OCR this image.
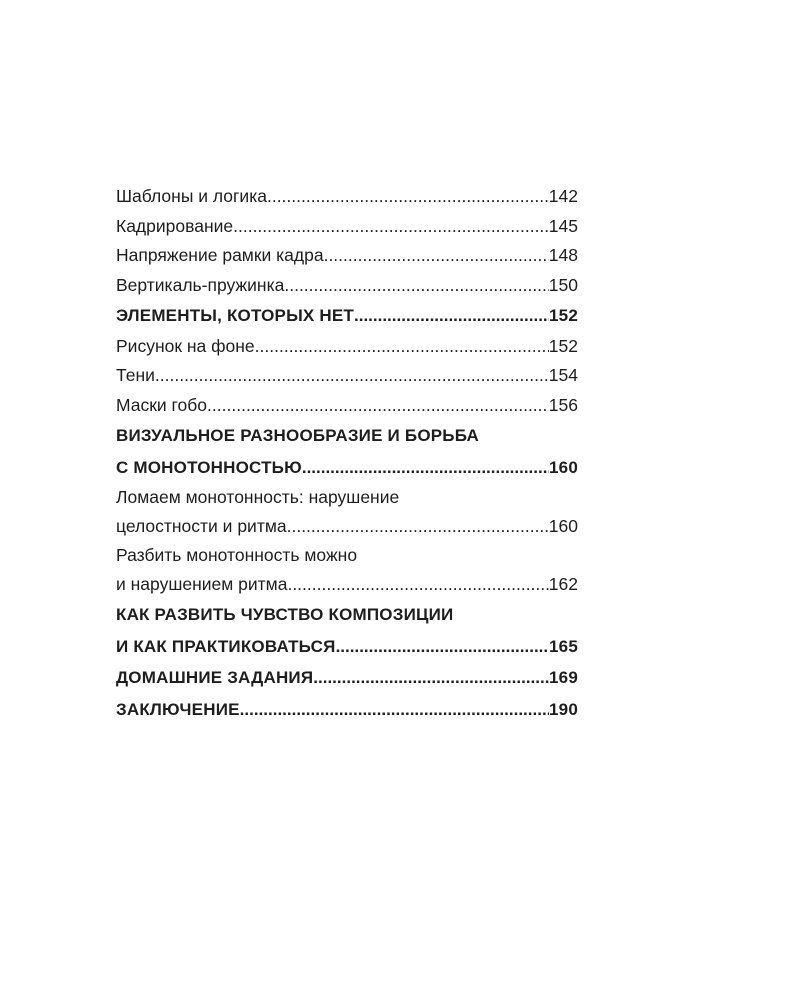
Шаблоны и логика .....	142
Кадрирование .....	145
Напряжение рамки кадра .....	148
Вертикаль-пружинка .....	150
ЭЛЕМЕНТЫ, КОТОРЫХ НЕТ .....	152
Рисунок на фоне .....	152
Тени .....	154
Маски гобо .....	156
ВИЗУАЛЬНОЕ РАЗНООБРАЗИЕ И БОРЬБА
С МОНОТОННОСТЬЮ .....	160
Ломаем монотонность: нарушение
целостности и ритма .....	160
Разбить монотонность можно
и нарушением ритма .....	162
КАК РАЗВИТЬ ЧУВСТВО КОМПОЗИЦИИ
И КАК ПРАКТИКОВАТЬСЯ .....	165
ДОМАШНИЕ ЗАДАНИЯ .....	169
ЗАКЛЮЧЕНИЕ .....	190
